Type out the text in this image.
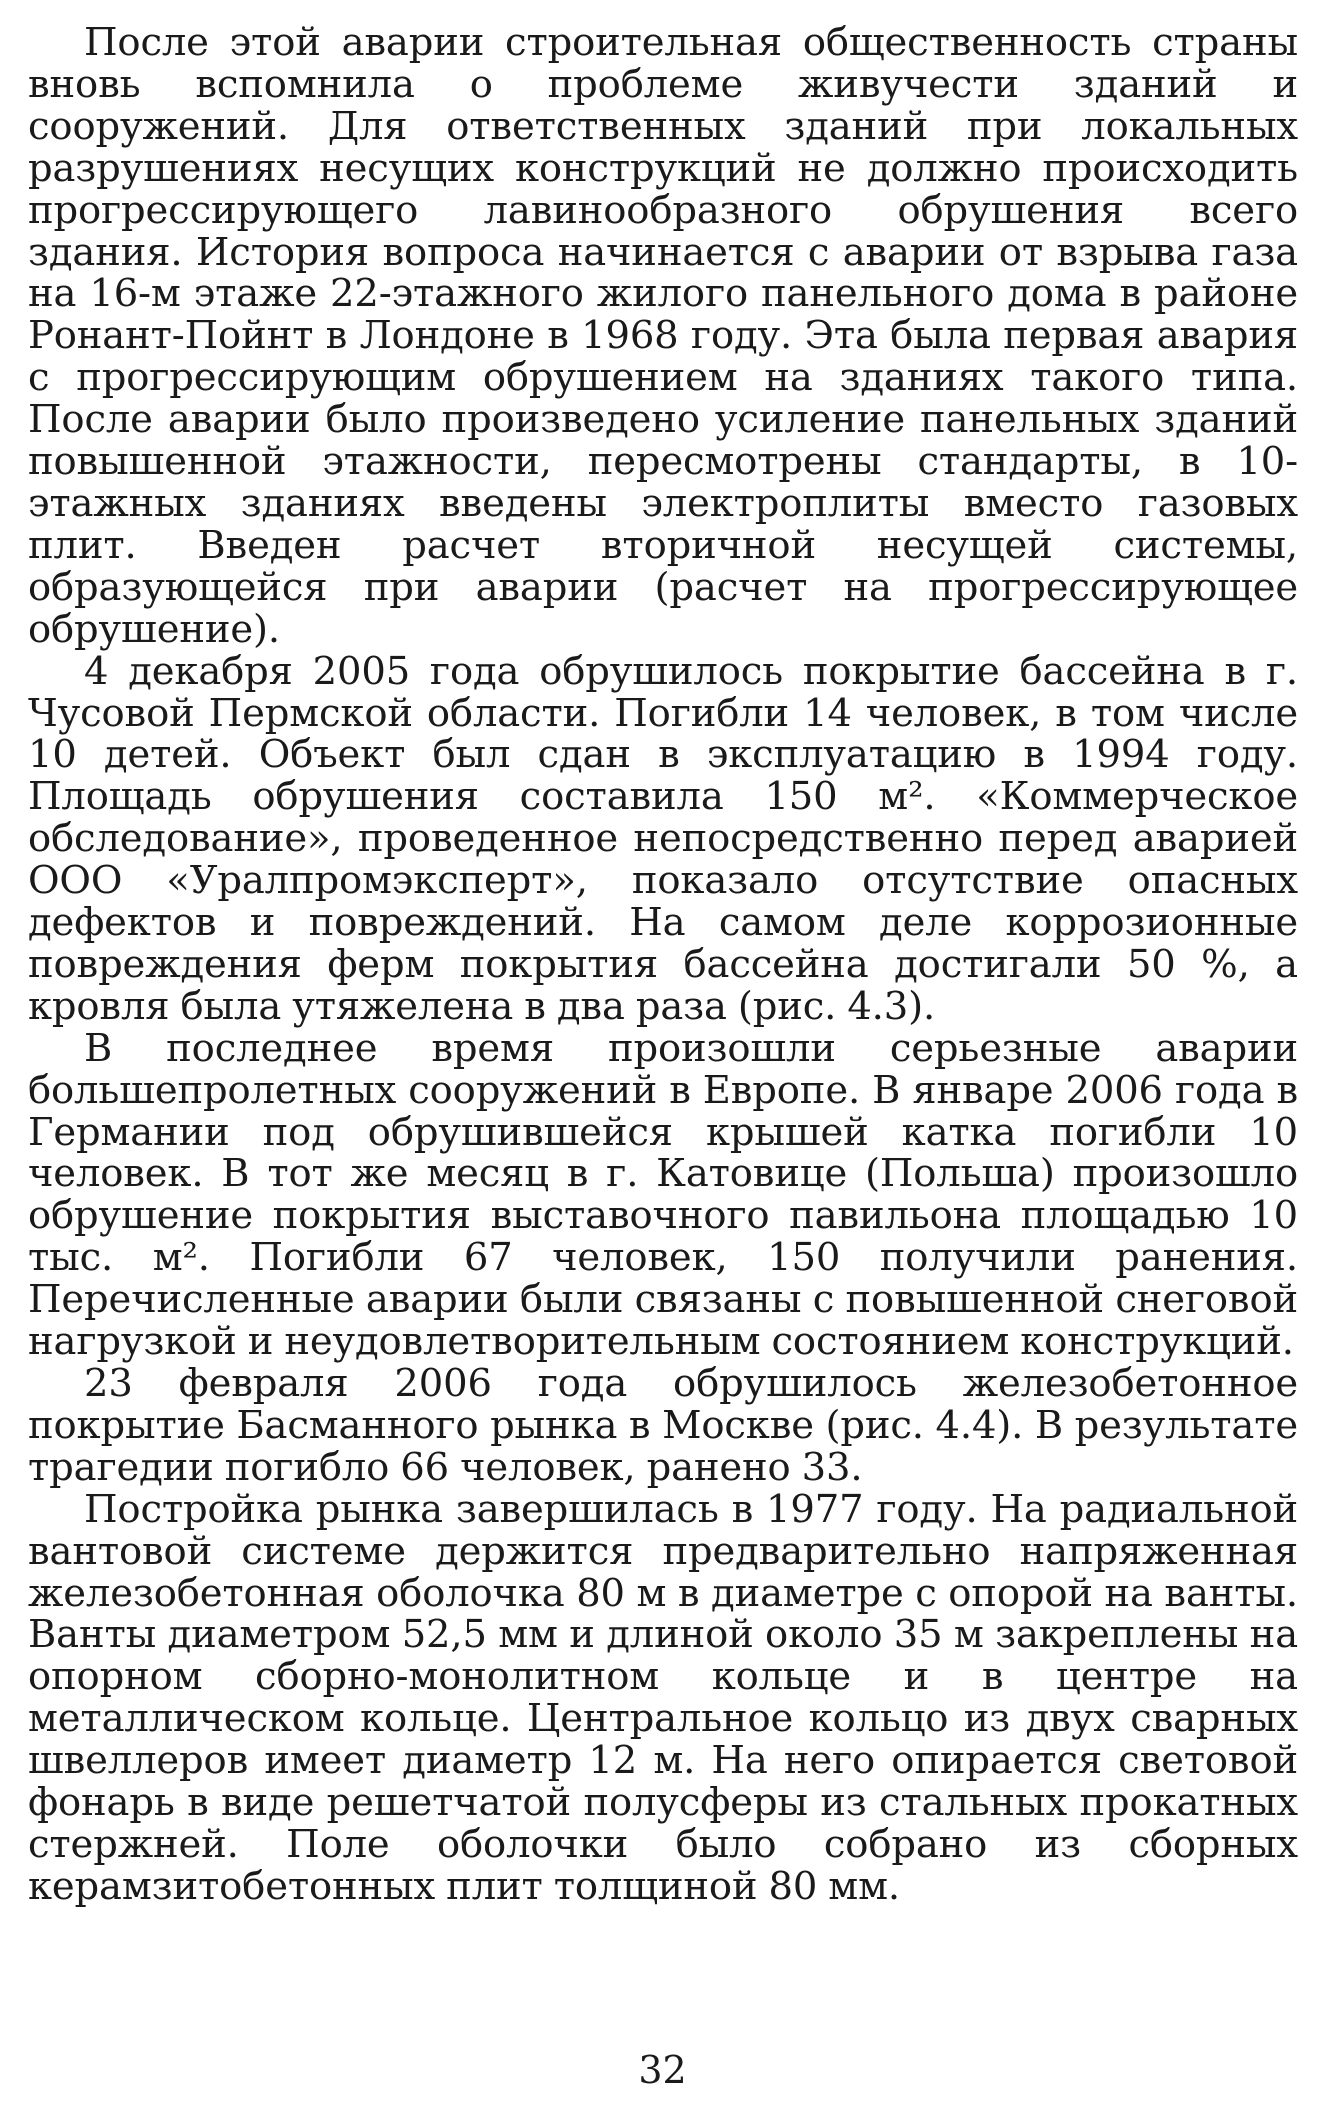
После этой аварии строительная общественность страны вновь вспомнила о проблеме живучести зданий и сооружений. Для ответственных зданий при локальных разрушениях несущих конструкций не должно происходить прогрессирующего лавинообразного обрушения всего здания. История вопроса начинается с аварии от взрыва газа на 16-м этаже 22-этажного жилого панельного дома в районе Ронант-Пойнт в Лондоне в 1968 году. Эта была первая авария с прогрессирующим обрушением на зданиях такого типа. После аварии было произведено усиление панельных зданий повышенной этажности, пересмотрены стандарты, в 10-этажных зданиях введены электроплиты вместо газовых плит. Введен расчет вторичной несущей системы, образующейся при аварии (расчет на прогрессирующее обрушение).

4 декабря 2005 года обрушилось покрытие бассейна в г. Чусовой Пермской области. Погибли 14 человек, в том числе 10 детей. Объект был сдан в эксплуатацию в 1994 году. Площадь обрушения составила 150 м². «Коммерческое обследование», проведенное непосредственно перед аварией ООО «Уралпромэксперт», показало отсутствие опасных дефектов и повреждений. На самом деле коррозионные повреждения ферм покрытия бассейна достигали 50 %, а кровля была утяжелена в два раза (рис. 4.3).

В последнее время произошли серьезные аварии большепролетных сооружений в Европе. В январе 2006 года в Германии под обрушившейся крышей катка погибли 10 человек. В тот же месяц в г. Катовице (Польша) произошло обрушение покрытия выставочного павильона площадью 10 тыс. м². Погибли 67 человек, 150 получили ранения. Перечисленные аварии были связаны с повышенной снеговой нагрузкой и неудовлетворительным состоянием конструкций.

23 февраля 2006 года обрушилось железобетонное покрытие Басманного рынка в Москве (рис. 4.4). В результате трагедии погибло 66 человек, ранено 33.

Постройка рынка завершилась в 1977 году. На радиальной вантовой системе держится предварительно напряженная железобетонная оболочка 80 м в диаметре с опорой на ванты. Ванты диаметром 52,5 мм и длиной около 35 м закреплены на опорном сборно-монолитном кольце и в центре на металлическом кольце. Центральное кольцо из двух сварных швеллеров имеет диаметр 12 м. На него опирается световой фонарь в виде решетчатой полусферы из стальных прокатных стержней. Поле оболочки было собрано из сборных керамзитобетонных плит толщиной 80 мм.

32
